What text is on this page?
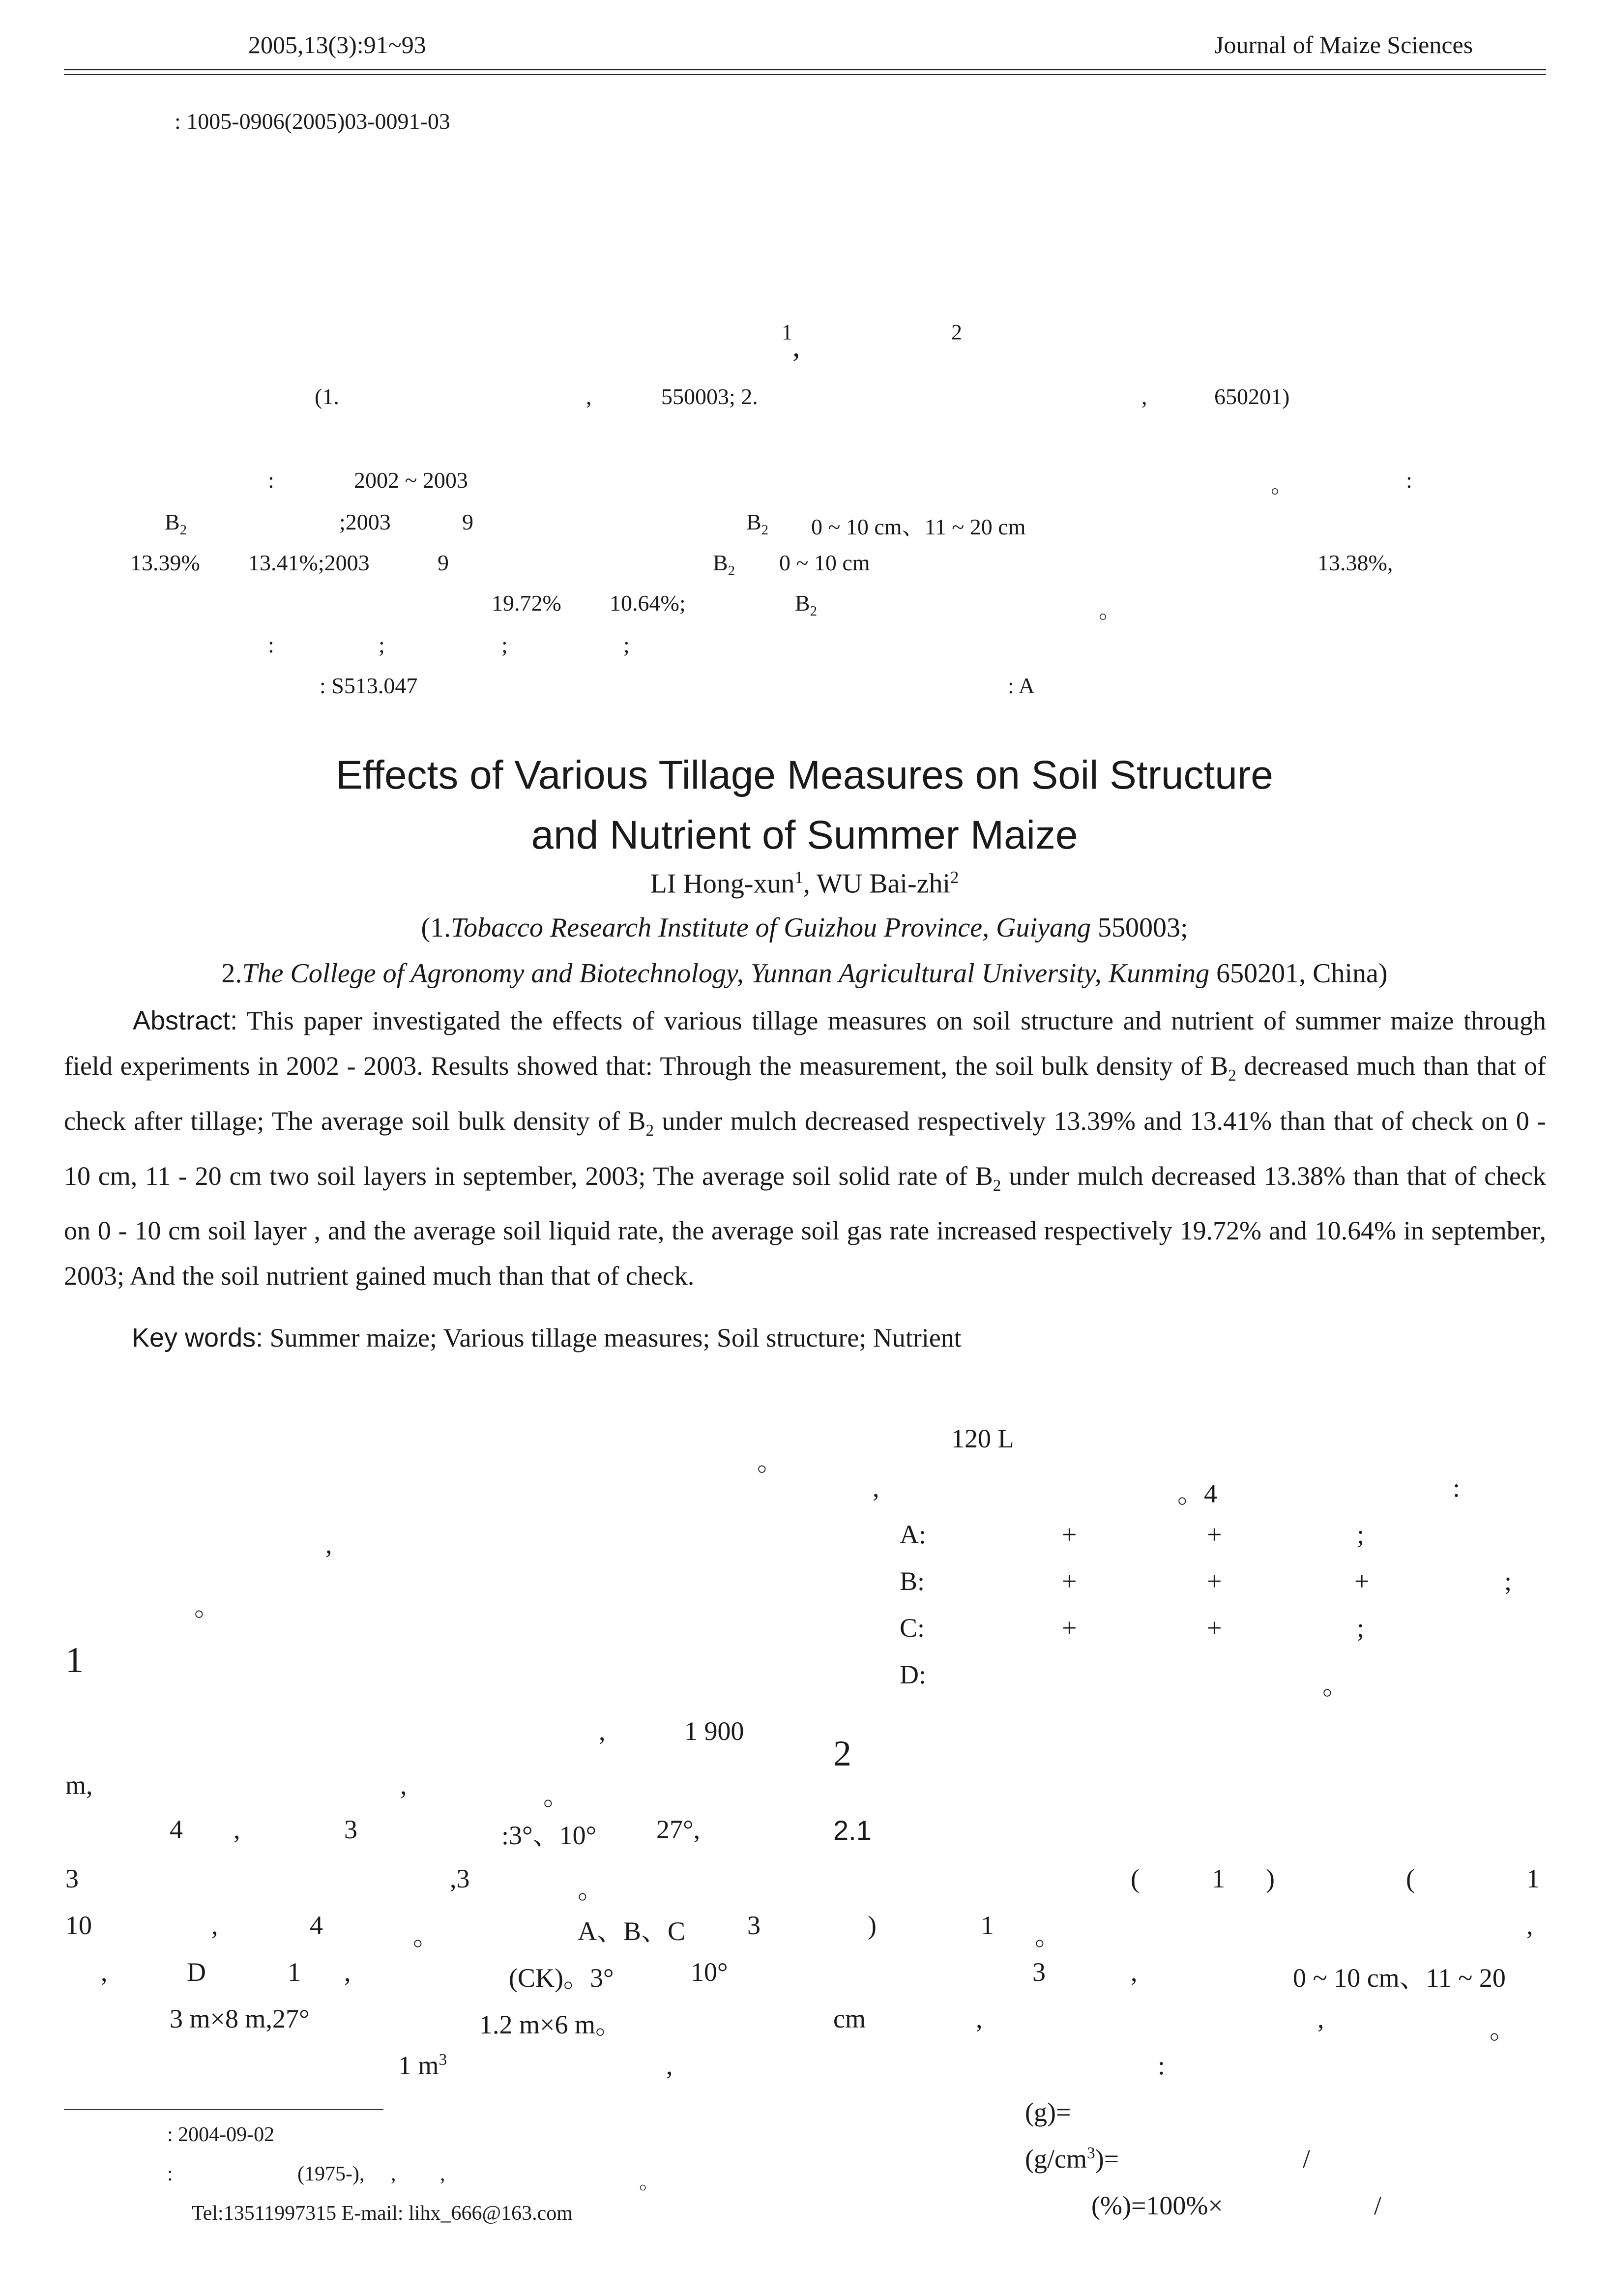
2005,13(3):91~93	Journal of Maize Sciences
: 1005-0906(2005)03-0091-03
1 ,	2
(1.	,	550003; 2.	,	650201)
:	2002 ~ 2003	。	:
$B_2$	;2003	9	$B_2$ 0 ~ 10 cm、11 ~ 20 cm
13.39% 13.41%;2003	9	$B_2$ 0 ~ 10 cm	13.38%,
19.72% 10.64%;	$B_2$	。
:	;	;	;
: S513.047	: A
Effects of Various Tillage Measures on Soil Structure
and Nutrient of Summer Maize
LI Hong-xun$^1$, WU Bai-zhi$^2$
(1.Tobacco Research Institute of Guizhou Province, Guiyang 550003;
2.The College of Agronomy and Biotechnology, Yunnan Agricultural University, Kunming 650201, China)
Abstract: This paper investigated the effects of various tillage measures on soil structure and nutrient of summer maize through field experiments in 2002 - 2003. Results showed that: Through the measurement, the soil bulk density of $B_2$ decreased much than that of check after tillage; The average soil bulk density of $B_2$ under mulch decreased respectively 13.39% and 13.41% than that of check on 0 - 10 cm, 11 - 20 cm two soil layers in september, 2003; The average soil solid rate of $B_2$ under mulch decreased 13.38% than that of check on 0 - 10 cm soil layer , and the average soil liquid rate, the average soil gas rate increased respectively 19.72% and 10.64% in september, 2003; And the soil nutrient gained much than that of check.
Key words: Summer maize; Various tillage measures; Soil structure; Nutrient
。
,
。
1
,	1 900
m,	,	。
4 ,	3	:3°、10° 27°,
3	,3	。
10	,	4	。	A、B、C 3
,	D	1 ,	(CK)。3°	10°
3 m×8 m,27°	1.2 m×6 m。
1 $m^3$	,
120 L
,	。4	:
A:	+	+	;
B:	+	+	+	;
C:	+	+	;
D:	。
2
2.1
(	1 )	(	1
)	1 。	,
3	,	0 ~ 10 cm、11 ~ 20
cm	,	,	。
:
(g)=
$(g/cm^3)=$	/
(%)=100%×	/
: 2004-09-02
:	(1975-), , ,	。
Tel:13511997315 E-mail: lihx_666@163.com
